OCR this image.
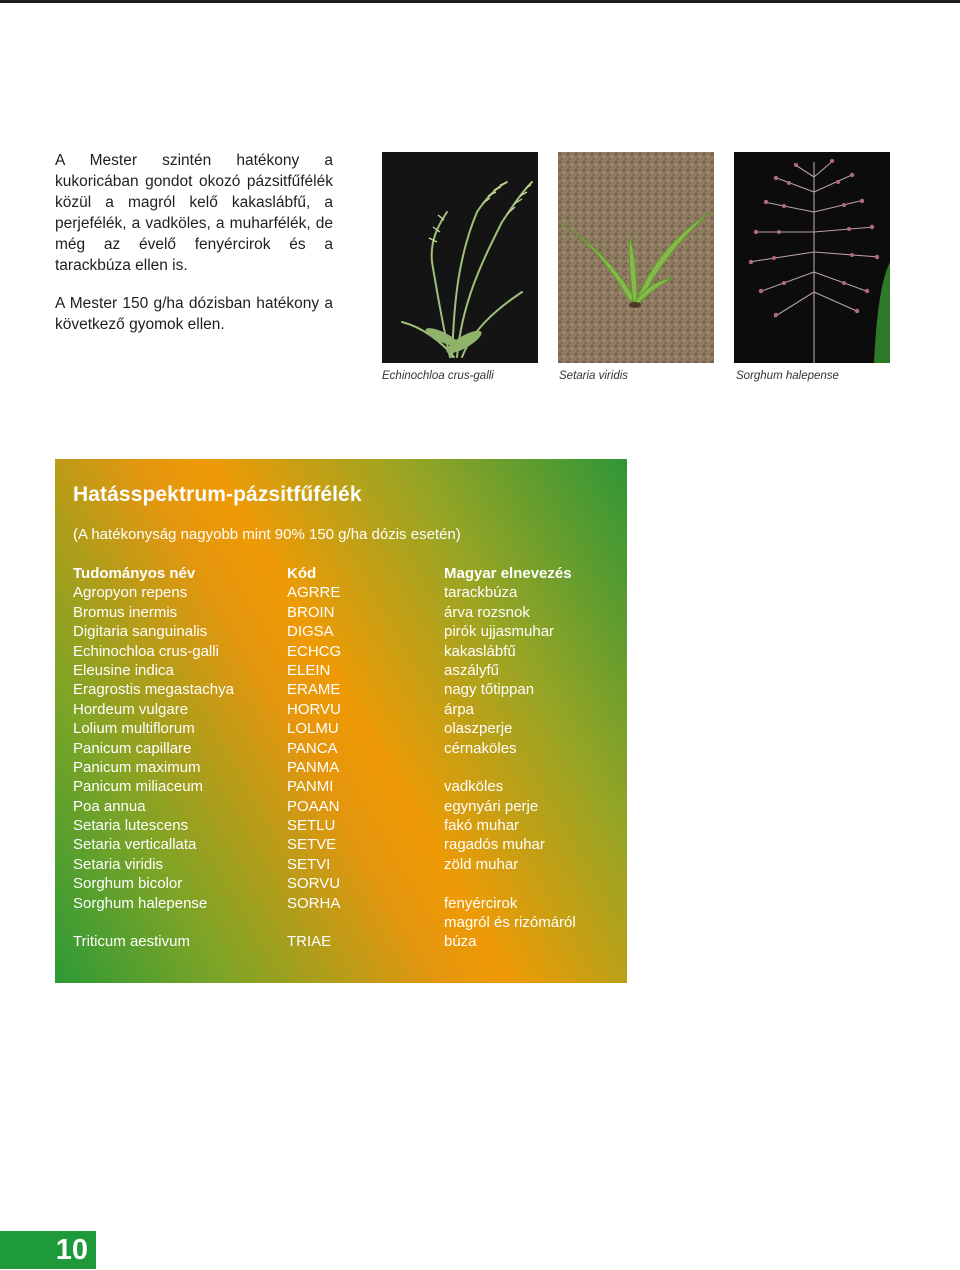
A Mester szintén hatékony a kukoricában gondot okozó pázsitfűfélék közül a magról kelő kakaslábfű, a perjefélék, a vadköles, a muharfélék, de még az évelő fenyércirok és a tarackbúza ellen is.

A Mester 150 g/ha dózisban hatékony a következő gyomok ellen.

Echinochloa crus-galli	Setaria viridis	Sorghum halepense
Hatásspektrum-pázsitfűfélék
(A hatékonyság nagyobb mint 90% 150 g/ha dózis esetén)
Tudományos név
Agropyon repens
Bromus inermis
Digitaria sanguinalis
Echinochloa crus-galli
Eleusine indica
Eragrostis megastachya
Hordeum vulgare
Lolium multiflorum
Panicum capillare
Panicum maximum
Panicum miliaceum
Poa annua
Setaria lutescens
Setaria verticallata
Setaria viridis
Sorghum bicolor
Sorghum halepense
Triticum aestivum
Kód
AGRRE
BROIN
DIGSA
ECHCG
ELEIN
ERAME
HORVU
LOLMU
PANCA
PANMA
PANMI
POAAN
SETLU
SETVE
SETVI
SORVU
SORHA
TRIAE
Magyar elnevezés
tarackbúza
árva rozsnok
pirók ujjasmuhar
kakaslábfű
aszályfű
nagy tőtippan
árpa
olaszperje
cérnaköles
vadköles
egynyári perje
fakó muhar
ragadós muhar
zöld muhar
fenyércirok
magról és rizómáról
búza
10
